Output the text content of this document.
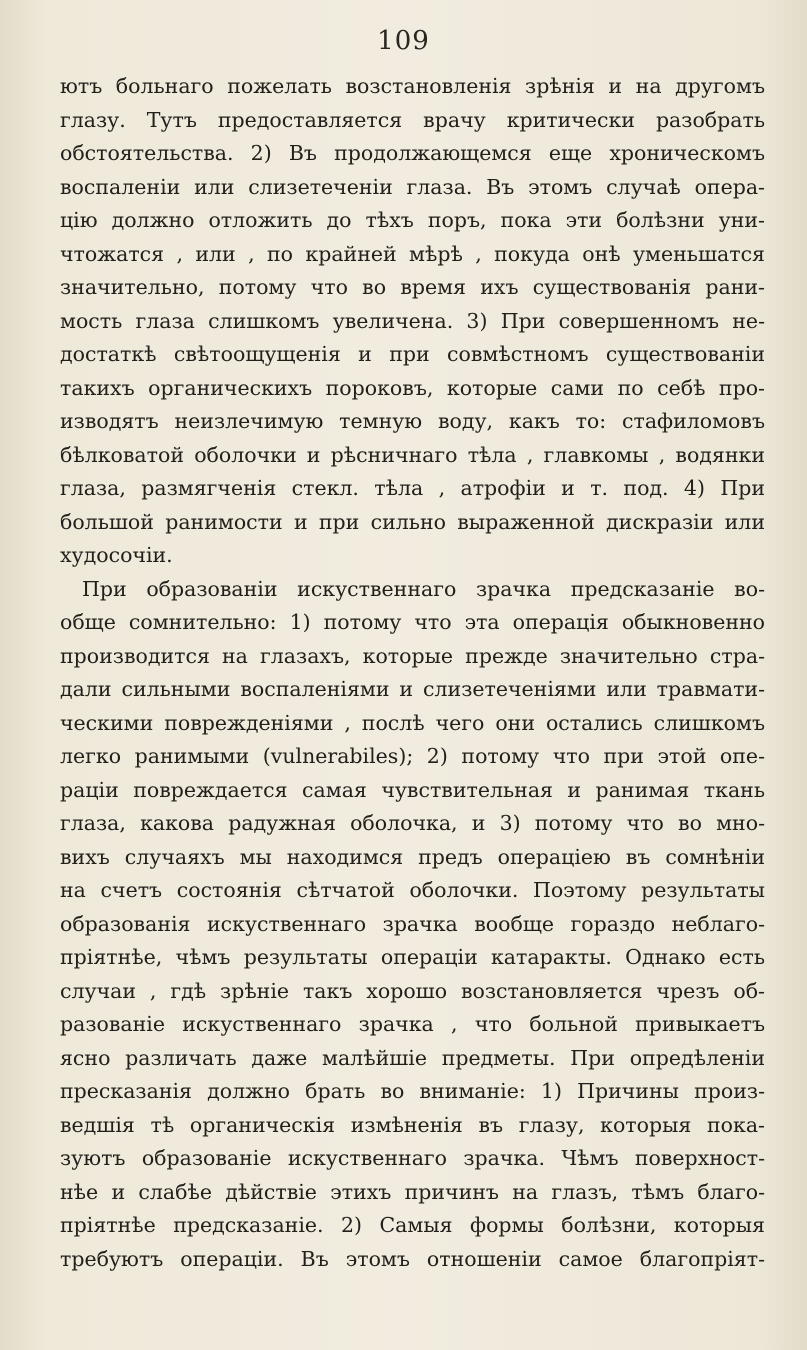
109
ютъ больнаго пожелать возстановленія зрѣнія и на другомъ
глазу. Тутъ предоставляется врачу критически разобрать
обстоятельства. 2) Въ продолжающемся еще хроническомъ
воспаленіи или слизетеченіи глаза. Въ этомъ случаѣ опера-
цію должно отложить до тѣхъ поръ, пока эти болѣзни уни-
чтожатся , или , по крайней мѣрѣ , покуда онѣ уменьшатся
значительно, потому что во время ихъ существованія рани-
мость глаза слишкомъ увеличена. 3) При совершенномъ не-
достаткѣ свѣтоощущенія и при совмѣстномъ существованіи
такихъ органическихъ пороковъ, которые сами по себѣ про-
изводятъ неизлечимую темную воду, какъ то: стафиломовъ
бѣлковатой оболочки и рѣсничнаго тѣла , главкомы , водянки
глаза, размягченія стекл. тѣла , атрофіи и т. под. 4) При
большой ранимости и при сильно выраженной дискразіи или
худосочіи.
При образованіи искуственнаго зрачка предсказаніе во-
обще сомнительно: 1) потому что эта операція обыкновенно
производится на глазахъ, которые прежде значительно стра-
дали сильными воспаленіями и слизетеченіями или травмати-
ческими поврежденіями , послѣ чего они остались слишкомъ
легко ранимыми (vulnerabiles); 2) потому что при этой опе-
раціи повреждается самая чувствительная и ранимая ткань
глаза, какова радужная оболочка, и 3) потому что во мно-
вихъ случаяхъ мы находимся предъ операціею въ сомнѣніи
на счетъ состоянія сѣтчатой оболочки. Поэтому результаты
образованія искуственнаго зрачка вообще гораздо неблаго-
пріятнѣе, чѣмъ результаты операціи катаракты. Однако есть
случаи , гдѣ зрѣніе такъ хорошо возстановляется чрезъ об-
разованіе искуственнаго зрачка , что больной привыкаетъ
ясно различать даже малѣйшіе предметы. При опредѣленіи
пресказанія должно брать во вниманіе: 1) Причины произ-
ведшія тѣ органическія измѣненія въ глазу, которыя пока-
зуютъ образованіе искуственнаго зрачка. Чѣмъ поверхност-
нѣе и слабѣе дѣйствіе этихъ причинъ на глазъ, тѣмъ благо-
пріятнѣе предсказаніе. 2) Самыя формы болѣзни, которыя
требуютъ операціи. Въ этомъ отношеніи самое благопріят-
